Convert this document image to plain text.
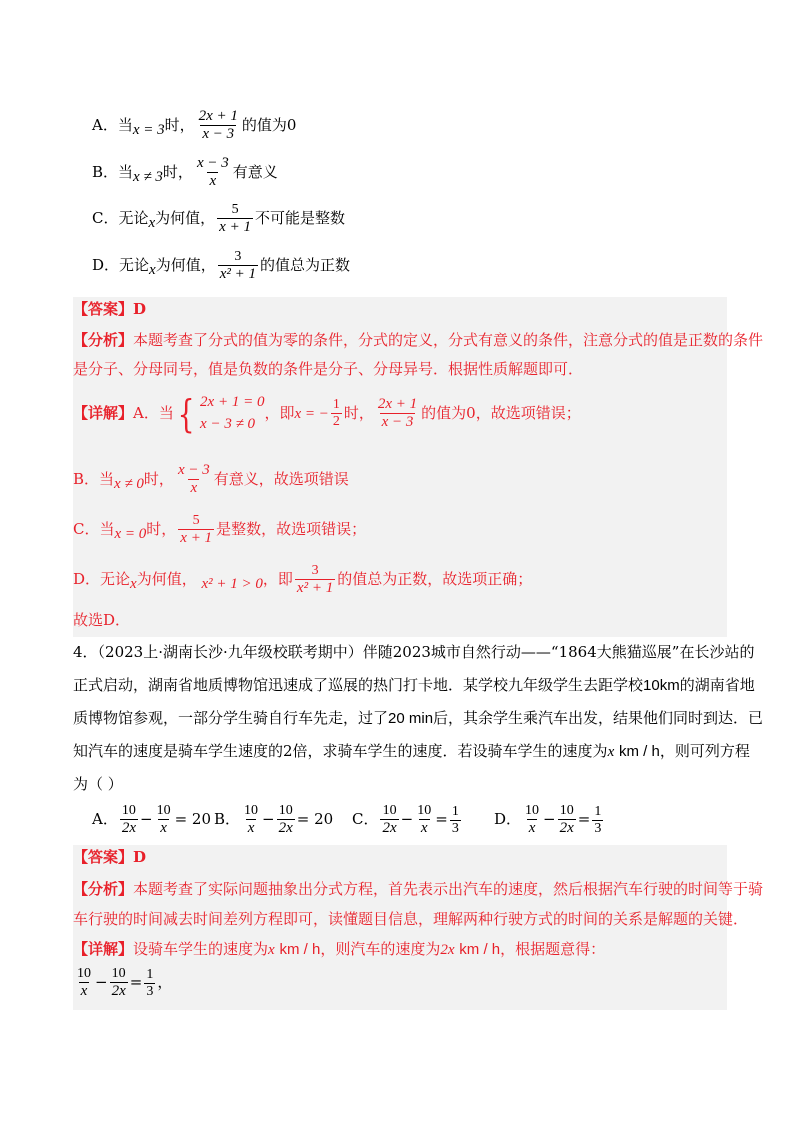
A．当x = 3时， $\frac{2x + 1}{x - 3}$ 的值为0
B．当x ≠ 3时， $\frac{x - 3}{x}$ 有意义
C．无论x为何值， $\frac{5}{x + 1}$ 不可能是整数
D．无论x为何值， $\frac{3}{\text{x² + 1}}$ 的值总为正数
【答案】D
【分析】本题考查了分式的值为零的条件，分式的定义，分式有意义的条件，注意分式的值是正数的条件
是分子、分母同号，值是负数的条件是分子、分母异号．根据性质解题即可．
【详解】A．当 { 2x + 1 = 0
x − 3 ≠ 0
，即x = − $\frac{1}{2}$ 时， $\frac{2x + 1}{x - 3}$ 的值为0，故选项错误；
B．当x ≠ 0时， $\frac{x - 3}{x}$ 有意义，故选项错误
C．当x = 0时， $\frac{5}{x + 1}$ 是整数，故选项错误；
D．无论x为何值， x² + 1 > 0，即 $\frac{3}{\text{x² + 1}}$ 的值总为正数，故选项正确；
故选D．
4．（2023上·湖南长沙·九年级校联考期中）伴随2023城市自然行动——“1864大熊猫巡展”在长沙站的
正式启动，湖南省地质博物馆迅速成了巡展的热门打卡地．某学校九年级学生去距学校10km的湖南省地
质博物馆参观，一部分学生骑自行车先走，过了20 min后，其余学生乘汽车出发，结果他们同时到达．已
知汽车的速度是骑车学生速度的2倍，求骑车学生的速度．若设骑车学生的速度为x km / h，则可列方程
为（ ）
A． $\frac{10}{2x} - \frac{10}{x} = 20$ B． $\frac{10}{x} - \frac{10}{2x} = 20$ C． $\frac{10}{2x} - \frac{10}{x} = \frac{1}{3}$ D． $\frac{10}{x} - \frac{10}{2x} = \frac{1}{3}$
【答案】D
【分析】本题考查了实际问题抽象出分式方程，首先表示出汽车的速度，然后根据汽车行驶的时间等于骑
车行驶的时间减去时间差列方程即可，读懂题目信息，理解两种行驶方式的时间的关系是解题的关键．
【详解】设骑车学生的速度为x km / h，则汽车的速度为2x km / h，根据题意得：
$\frac{10}{x} - \frac{10}{2x} = \frac{1}{3}$ ，
